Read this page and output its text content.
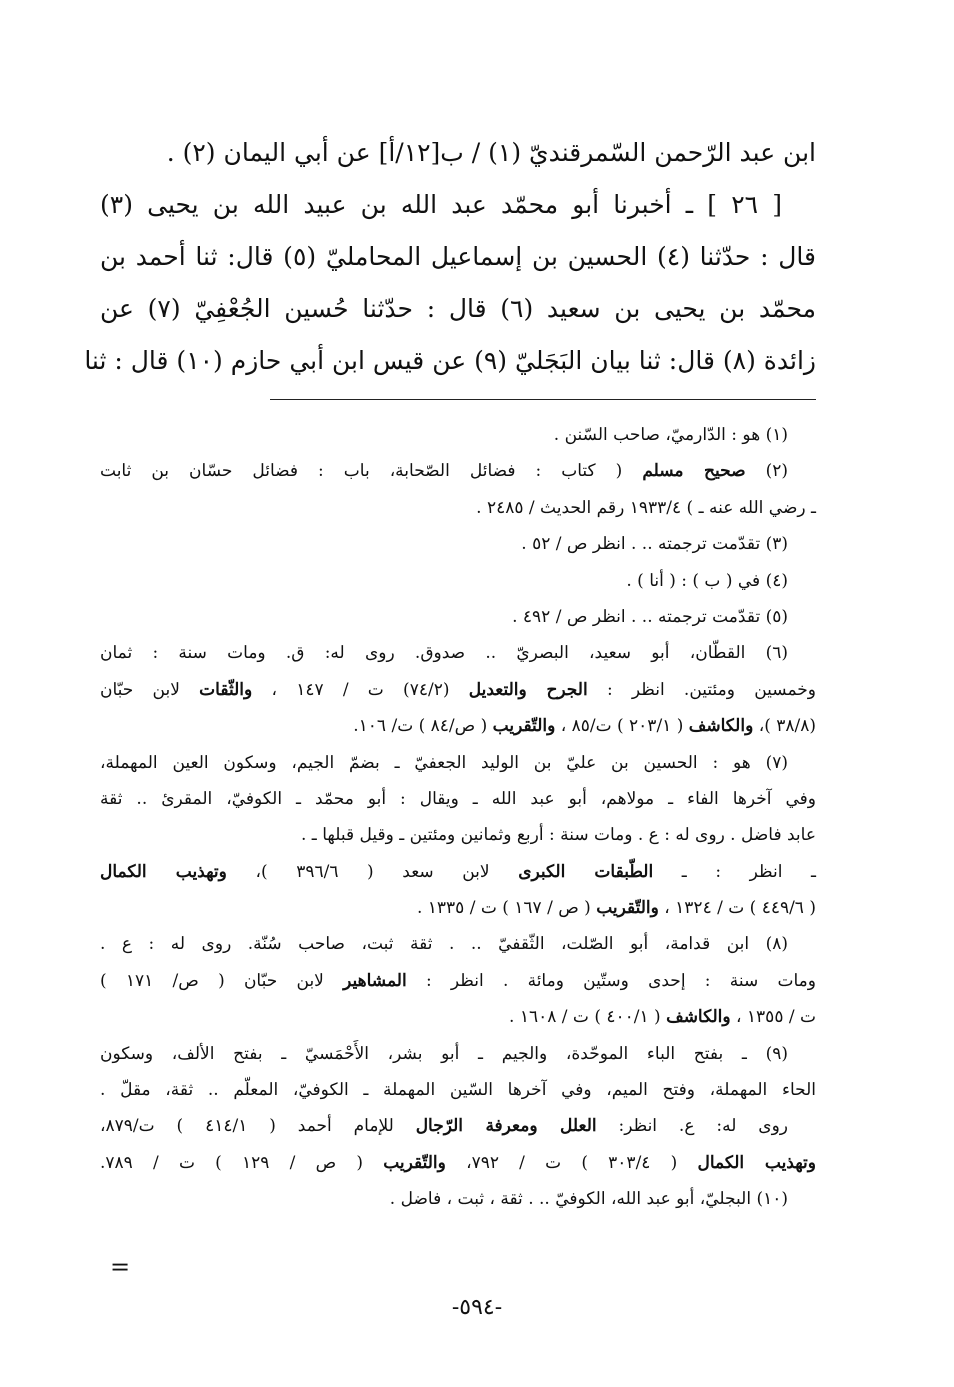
ابن عبد الرّحمن السّمرقنديّ (١) / ب[١٢/أ] عن أبي اليمان (٢) .
[ ٢٦ ] ـ أخبرنا أبو محمّد عبد الله بن عبيد الله بن يحيى (٣)
قال : حدّثنا (٤) الحسين بن إسماعيل المحامليّ (٥) قال: ثنا أحمد بن
محمّد بن يحيى بن سعيد (٦) قال : حدّثنا حُسين الجُعْفِيّ (٧) عن
زائدة (٨) قال: ثنا بيان البَجَليّ (٩) عن قيس ابن أبي حازم (١٠) قال : ثنا
(١) هو : الدّارميّ، صاحب السّنن .
(٢) صحيح مسلم ( كتاب : فضائل الصّحابة، باب : فضائل حسّان بن ثابت
ـ رضي الله عنه ـ ) ١٩٣٣/٤ رقم الحديث / ٢٤٨٥ .
(٣) تقدّمت ترجمته .. . انظر ص / ٥٢ .
(٤) في ( ب ) : ( أنا ) .
(٥) تقدّمت ترجمته .. . انظر ص / ٤٩٢ .
(٦) القطّان، أبو سعيد، البصريّ .. صدوق. روى له: ق. ومات سنة : ثمان
وخمسين ومئتين. انظر : الجرح والتعديل (٧٤/٢) ت / ١٤٧ ، والثّقات لابن حبّان
(٣٨/٨ )، والكاشف ( ٢٠٣/١ ) ت/٨٥ ، والتّقريب ( ص/٨٤ ) ت/ ١٠٦.
(٧) هو : الحسين بن عليّ بن الوليد الجعفيّ ـ بضمّ الجيم، وسكون العين المهملة،
وفي آخرها الفاء ـ مولاهم، أبو عبد الله ـ ويقال : أبو محمّد ـ الكوفيّ، المقرئ .. ثقة
عابد فاضل . روى له : ع . ومات سنة : أربع وثمانين ومئتين ـ وقيل قبلها ـ .
ـ انظر : ـ الطّبقات الكبرى لابن سعد ( ٣٩٦/٦ )، وتهذيب الكمال
( ٤٤٩/٦ ) ت / ١٣٢٤ ، والتّقريب ( ص / ١٦٧ ) ت / ١٣٣٥ .
(٨) ابن قدامة، أبو الصّلت، الثّقفيّ .. . ثقة ثبت، صاحب سُنّة. روى له : ع .
ومات سنة : إحدى وستّين ومائة . انظر : المشاهير لابن حبّان ( ص/ ١٧١ )
ت / ١٣٥٥ ، والكاشف ( ٤٠٠/١ ) ت / ١٦٠٨ .
(٩) ـ بفتح الباء الموحّدة، والجيم ـ أبو بشر، الأَحْمَسيّ ـ بفتح الألف، وسكون
الحاء المهملة، وفتح الميم، وفي آخرها السّين المهملة ـ الكوفيّ، المعلّم .. ثقة، مقلّ .
روى له: ع. انظر: العلل ومعرفة الرّجال للإمام أحمد ( ٤١٤/١ ) ت/٨٧٩،
وتهذيب الكمال ( ٣٠٣/٤ ) ت / ٧٩٢، والتّقريب ( ص / ١٢٩ ) ت / ٧٨٩.
(١٠) البجليّ، أبو عبد الله، الكوفيّ .. . ثقة ، ثبت ، فاضل .
=
-٥٩٤-
